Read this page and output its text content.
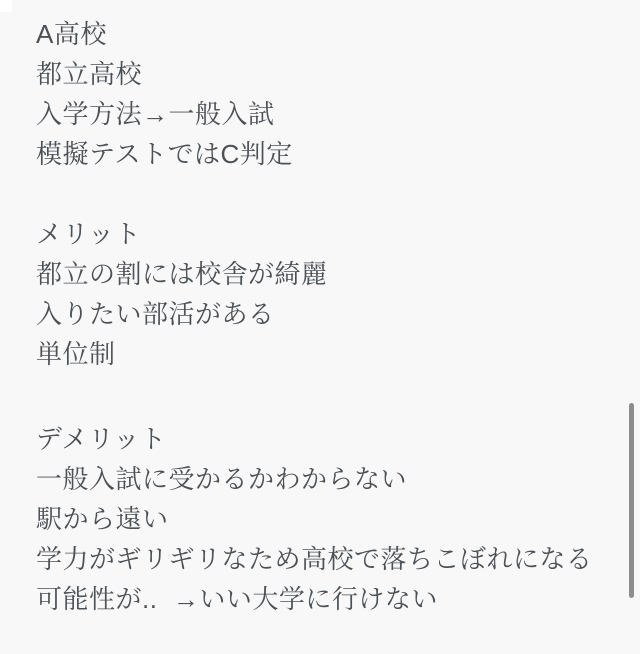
A高校

都立高校

入学方法→一般入試

模擬テストではC判定

メリット

都立の割には校舎が綺麗

入りたい部活がある

単位制

デメリット

一般入試に受かるかわからない

駅から遠い

学力がギリギリなため高校で落ちこぼれになる

可能性が..  →いい大学に行けない
